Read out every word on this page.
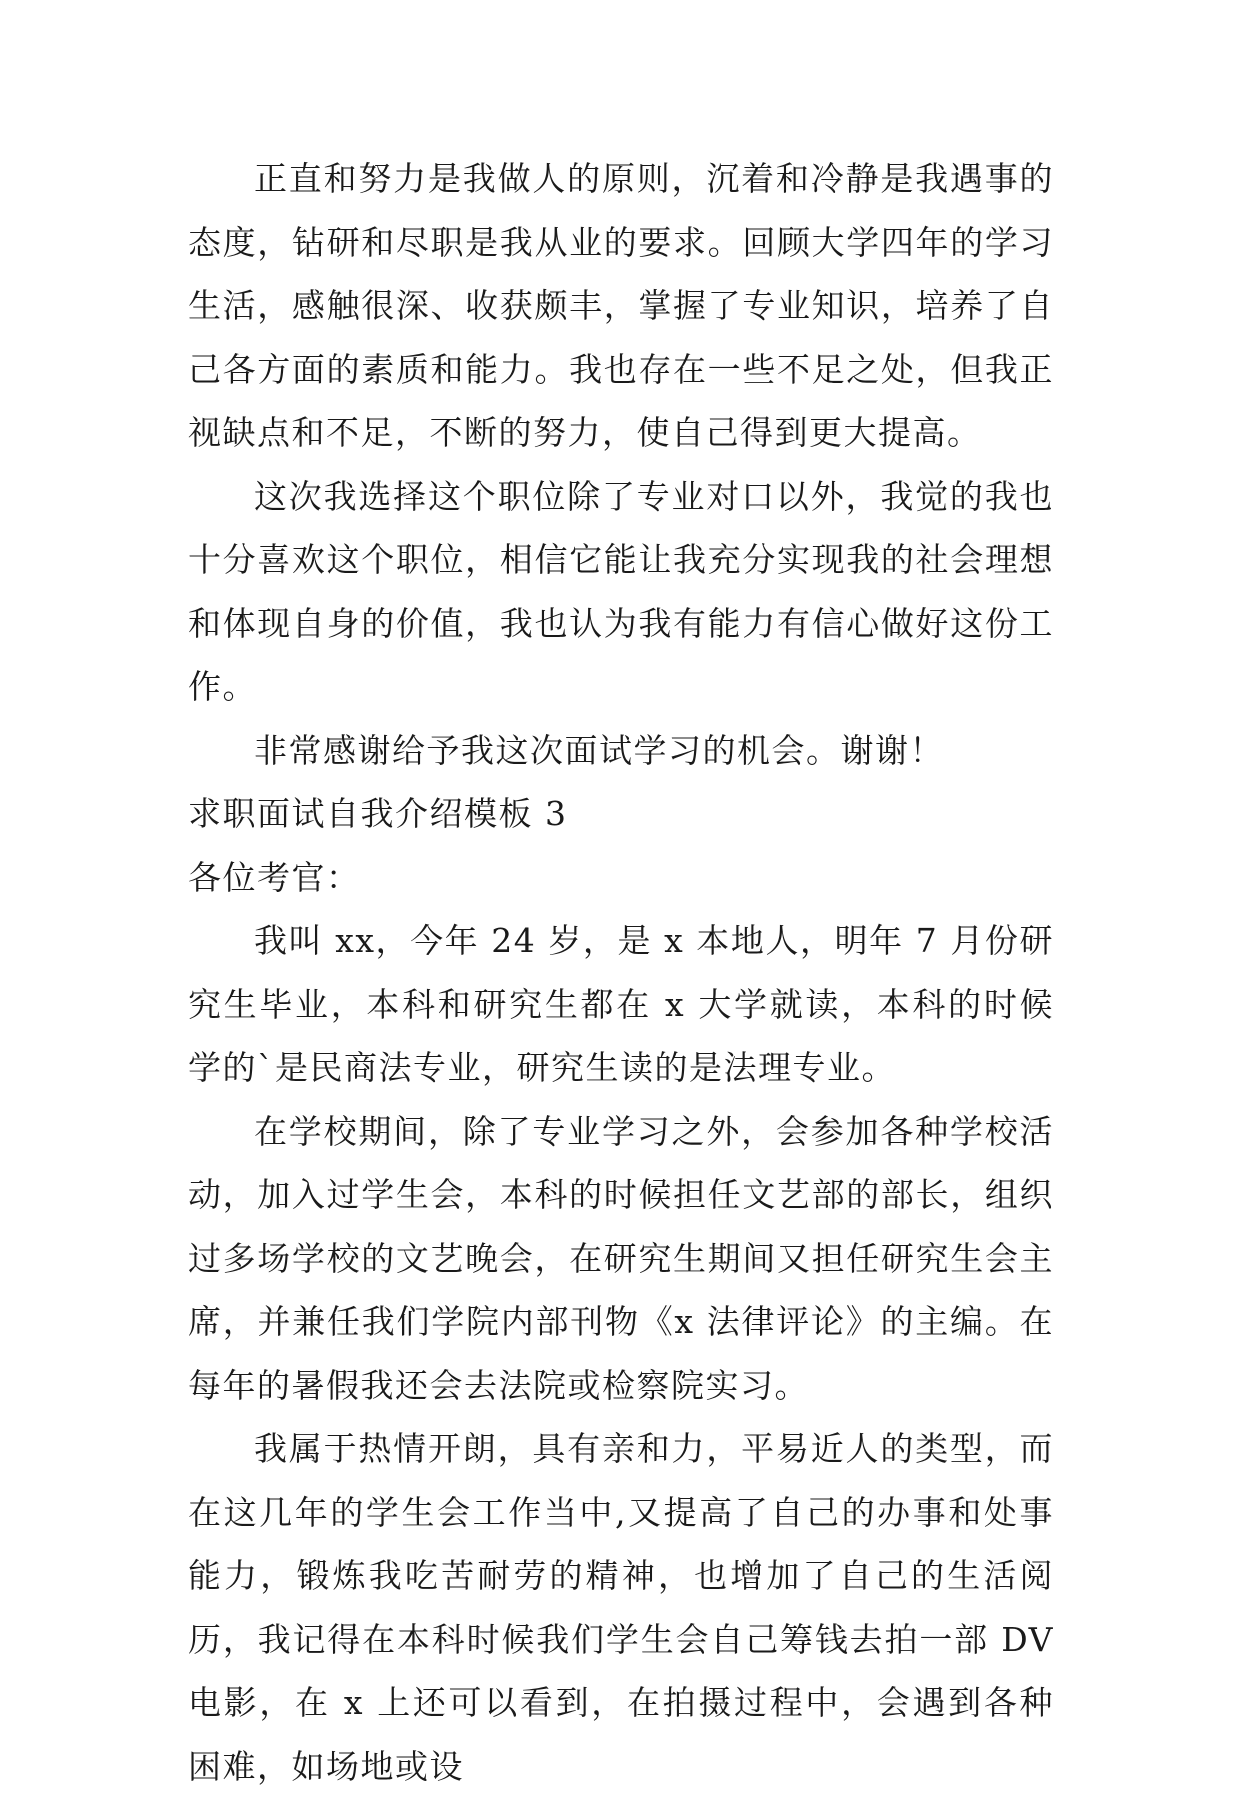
正直和努力是我做人的原则，沉着和冷静是我遇事的态度，钻研和尽职是我从业的要求。回顾大学四年的学习生活，感触很深、收获颇丰，掌握了专业知识，培养了自己各方面的素质和能力。我也存在一些不足之处，但我正视缺点和不足，不断的努力，使自己得到更大提高。

这次我选择这个职位除了专业对口以外，我觉的我也十分喜欢这个职位，相信它能让我充分实现我的社会理想和体现自身的价值，我也认为我有能力有信心做好这份工作。

非常感谢给予我这次面试学习的机会。谢谢！

求职面试自我介绍模板 3

各位考官：

我叫 xx，今年 24 岁，是 x 本地人，明年 7 月份研究生毕业，本科和研究生都在 x 大学就读，本科的时候学的`是民商法专业，研究生读的是法理专业。

在学校期间，除了专业学习之外，会参加各种学校活动，加入过学生会，本科的时候担任文艺部的部长，组织过多场学校的文艺晚会，在研究生期间又担任研究生会主席，并兼任我们学院内部刊物《x 法律评论》的主编。在每年的暑假我还会去法院或检察院实习。

我属于热情开朗，具有亲和力，平易近人的类型，而在这几年的学生会工作当中,又提高了自己的办事和处事能力，锻炼我吃苦耐劳的精神，也增加了自己的生活阅历，我记得在本科时候我们学生会自己筹钱去拍一部 DV 电影，在 x 上还可以看到，在拍摄过程中，会遇到各种困难，如场地或设
